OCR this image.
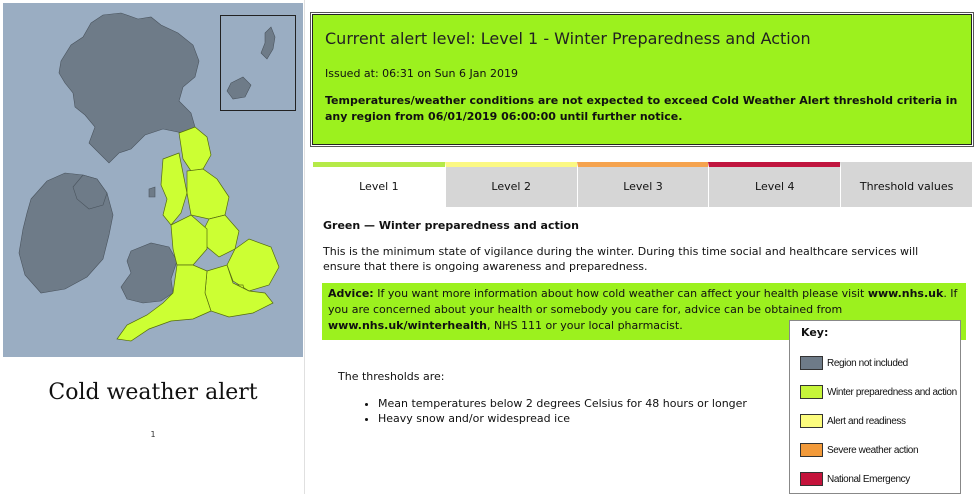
Cold weather alert
1
Current alert level: Level 1 - Winter Preparedness and Action
Issued at: 06:31 on Sun 6 Jan 2019
Temperatures/weather conditions are not expected to exceed Cold Weather Alert threshold criteria in any region from 06/01/2019 06:00:00 until further notice.
Level 1	Level 2	Level 3	Level 4	Threshold values
Green — Winter preparedness and action
This is the minimum state of vigilance during the winter. During this time social and healthcare services will ensure that there is ongoing awareness and preparedness.
Advice: If you want more information about how cold weather can affect your health please visit www.nhs.uk. If you are concerned about your health or somebody you care for, advice can be obtained from www.nhs.uk/winterhealth, NHS 111 or your local pharmacist.
The thresholds are:
• Mean temperatures below 2 degrees Celsius for 48 hours or longer
• Heavy snow and/or widespread ice
Key:
Region not included
Winter preparedness and action
Alert and readiness
Severe weather action
National Emergency
